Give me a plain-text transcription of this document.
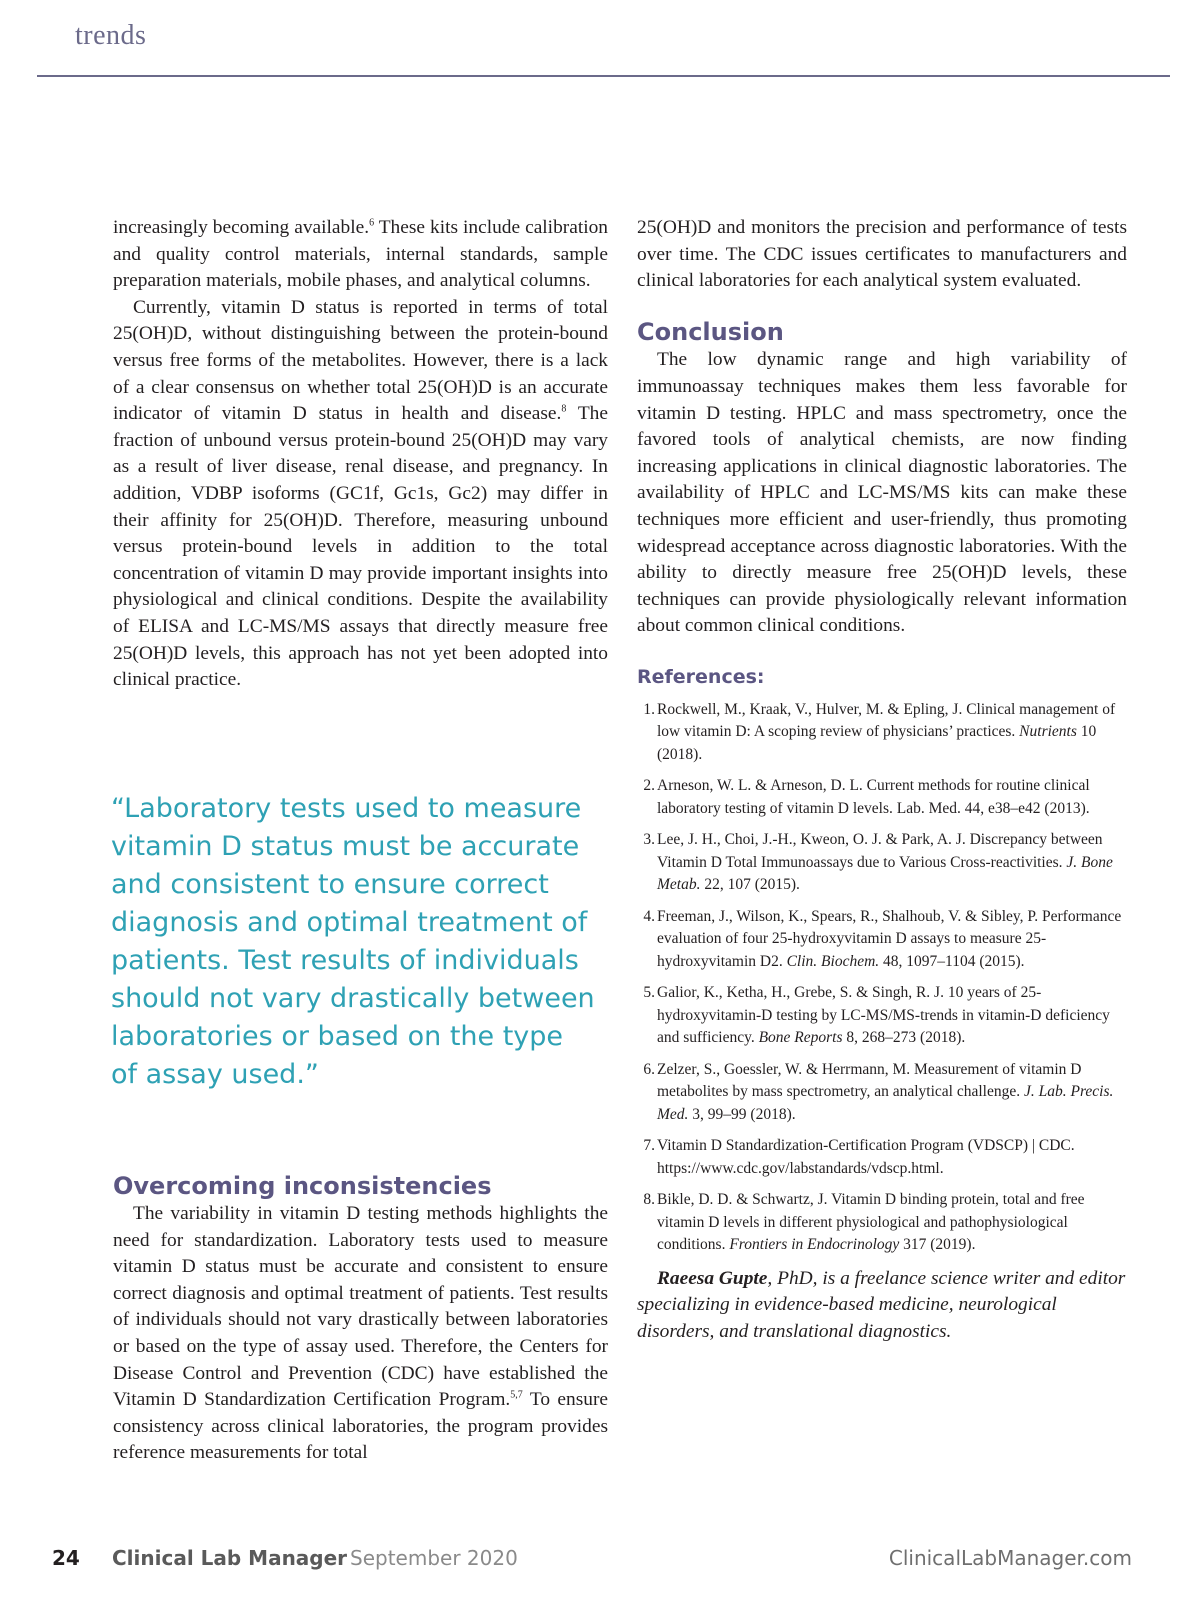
trends

increasingly becoming available.$^6$ These kits include calibration and quality control materials, internal standards, sample preparation materials, mobile phases, and analytical columns.

Currently, vitamin D status is reported in terms of total 25(OH)D, without distinguishing between the protein-bound versus free forms of the metabolites. However, there is a lack of a clear consensus on whether total 25(OH)D is an accurate indicator of vitamin D status in health and disease.$^8$ The fraction of unbound versus protein-bound 25(OH)D may vary as a result of liver disease, renal disease, and pregnancy. In addition, VDBP isoforms (GC1f, Gc1s, Gc2) may differ in their affinity for 25(OH)D. Therefore, measuring unbound versus protein-bound levels in addition to the total concentration of vitamin D may provide important insights into physiological and clinical conditions. Despite the availability of ELISA and LC-MS/MS assays that directly measure free 25(OH)D levels, this approach has not yet been adopted into clinical practice.

“Laboratory tests used to measure vitamin D status must be accurate and consistent to ensure correct diagnosis and optimal treatment of patients. Test results of individuals should not vary drastically between laboratories or based on the type of assay used.”

Overcoming inconsistencies

The variability in vitamin D testing methods highlights the need for standardization. Laboratory tests used to measure vitamin D status must be accurate and consistent to ensure correct diagnosis and optimal treatment of patients. Test results of individuals should not vary drastically between laboratories or based on the type of assay used. Therefore, the Centers for Disease Control and Prevention (CDC) have established the Vitamin D Standardization Certification Program.$^{5,7}$ To ensure consistency across clinical laboratories, the program provides reference measurements for total

25(OH)D and monitors the precision and performance of tests over time. The CDC issues certificates to manufacturers and clinical laboratories for each analytical system evaluated.

Conclusion

The low dynamic range and high variability of immunoassay techniques makes them less favorable for vitamin D testing. HPLC and mass spectrometry, once the favored tools of analytical chemists, are now finding increasing applications in clinical diagnostic laboratories. The availability of HPLC and LC-MS/MS kits can make these techniques more efficient and user-friendly, thus promoting widespread acceptance across diagnostic laboratories. With the ability to directly measure free 25(OH)D levels, these techniques can provide physiologically relevant information about common clinical conditions.

References:
1. Rockwell, M., Kraak, V., Hulver, M. & Epling, J. Clinical management of low vitamin D: A scoping review of physicians’ practices. Nutrients 10 (2018).
2. Arneson, W. L. & Arneson, D. L. Current methods for routine clinical laboratory testing of vitamin D levels. Lab. Med. 44, e38–e42 (2013).
3. Lee, J. H., Choi, J.-H., Kweon, O. J. & Park, A. J. Discrepancy between Vitamin D Total Immunoassays due to Various Cross-reactivities. J. Bone Metab. 22, 107 (2015).
4. Freeman, J., Wilson, K., Spears, R., Shalhoub, V. & Sibley, P. Performance evaluation of four 25-hydroxyvitamin D assays to measure 25-hydroxyvitamin D2. Clin. Biochem. 48, 1097–1104 (2015).
5. Galior, K., Ketha, H., Grebe, S. & Singh, R. J. 10 years of 25-hydroxyvitamin-D testing by LC-MS/MS-trends in vitamin-D deficiency and sufficiency. Bone Reports 8, 268–273 (2018).
6. Zelzer, S., Goessler, W. & Herrmann, M. Measurement of vitamin D metabolites by mass spectrometry, an analytical challenge. J. Lab. Precis. Med. 3, 99–99 (2018).
7. Vitamin D Standardization-Certification Program (VDSCP) | CDC. https://www.cdc.gov/labstandards/vdscp.html.
8. Bikle, D. D. & Schwartz, J. Vitamin D binding protein, total and free vitamin D levels in different physiological and pathophysiological conditions. Frontiers in Endocrinology 317 (2019).

Raeesa Gupte, PhD, is a freelance science writer and editor specializing in evidence-based medicine, neurological disorders, and translational diagnostics.

24 Clinical Lab Manager September 2020	ClinicalLabManager.com
